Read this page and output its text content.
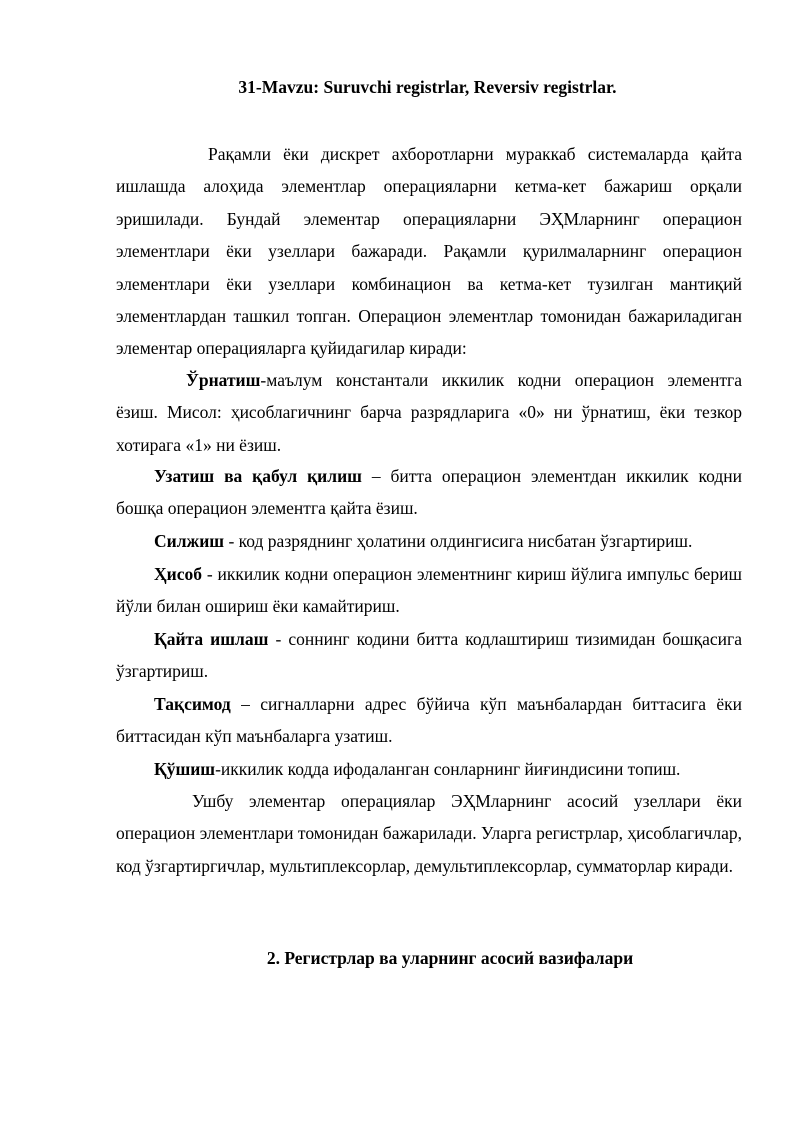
31-Mavzu: Suruvchi registrlar, Reversiv registrlar.

Рақамли ёки дискрет ахборотларни мураккаб системаларда қайта ишлашда алоҳида элементлар операцияларни кетма-кет бажариш орқали эришилади. Бундай элементар операцияларни ЭҲМларнинг операцион элементлари ёки узеллари бажаради. Рақамли қурилмаларнинг операцион элементлари ёки узеллари комбинацион ва кетма-кет тузилган мантиқий элементлардан ташкил топган. Операцион элементлар томонидан бажариладиган элементар операцияларга қуйидагилар киради:

Ўрнатиш-маълум константали иккилик кодни операцион элементга ёзиш. Мисол: ҳисоблагичнинг барча разрядларига «0» ни ўрнатиш, ёки тезкор хотирага «1» ни ёзиш.

Узатиш ва қабул қилиш – битта операцион элементдан иккилик кодни бошқа операцион элементга қайта ёзиш.

Силжиш - код разряднинг ҳолатини олдингисига нисбатан ўзгартириш.

Ҳисоб - иккилик кодни операцион элементнинг кириш йўлига импульс бериш йўли билан ошириш ёки камайтириш.

Қайта ишлаш - соннинг кодини битта кодлаштириш тизимидан бошқасига ўзгартириш.

Тақсимод – сигналларни адрес бўйича кўп маънбалардан биттасига ёки биттасидан кўп маънбаларга узатиш.

Қўшиш-иккилик кодда ифодаланган сонларнинг йиғиндисини топиш.

Ушбу элементар операциялар ЭҲМларнинг асосий узеллари ёки операцион элементлари томонидан бажарилади. Уларга регистрлар, ҳисоблагичлар, код ўзгартиргичлар, мультиплексорлар, демультиплексорлар, сумматорлар киради.

2. Регистрлар ва уларнинг асосий вазифалари
